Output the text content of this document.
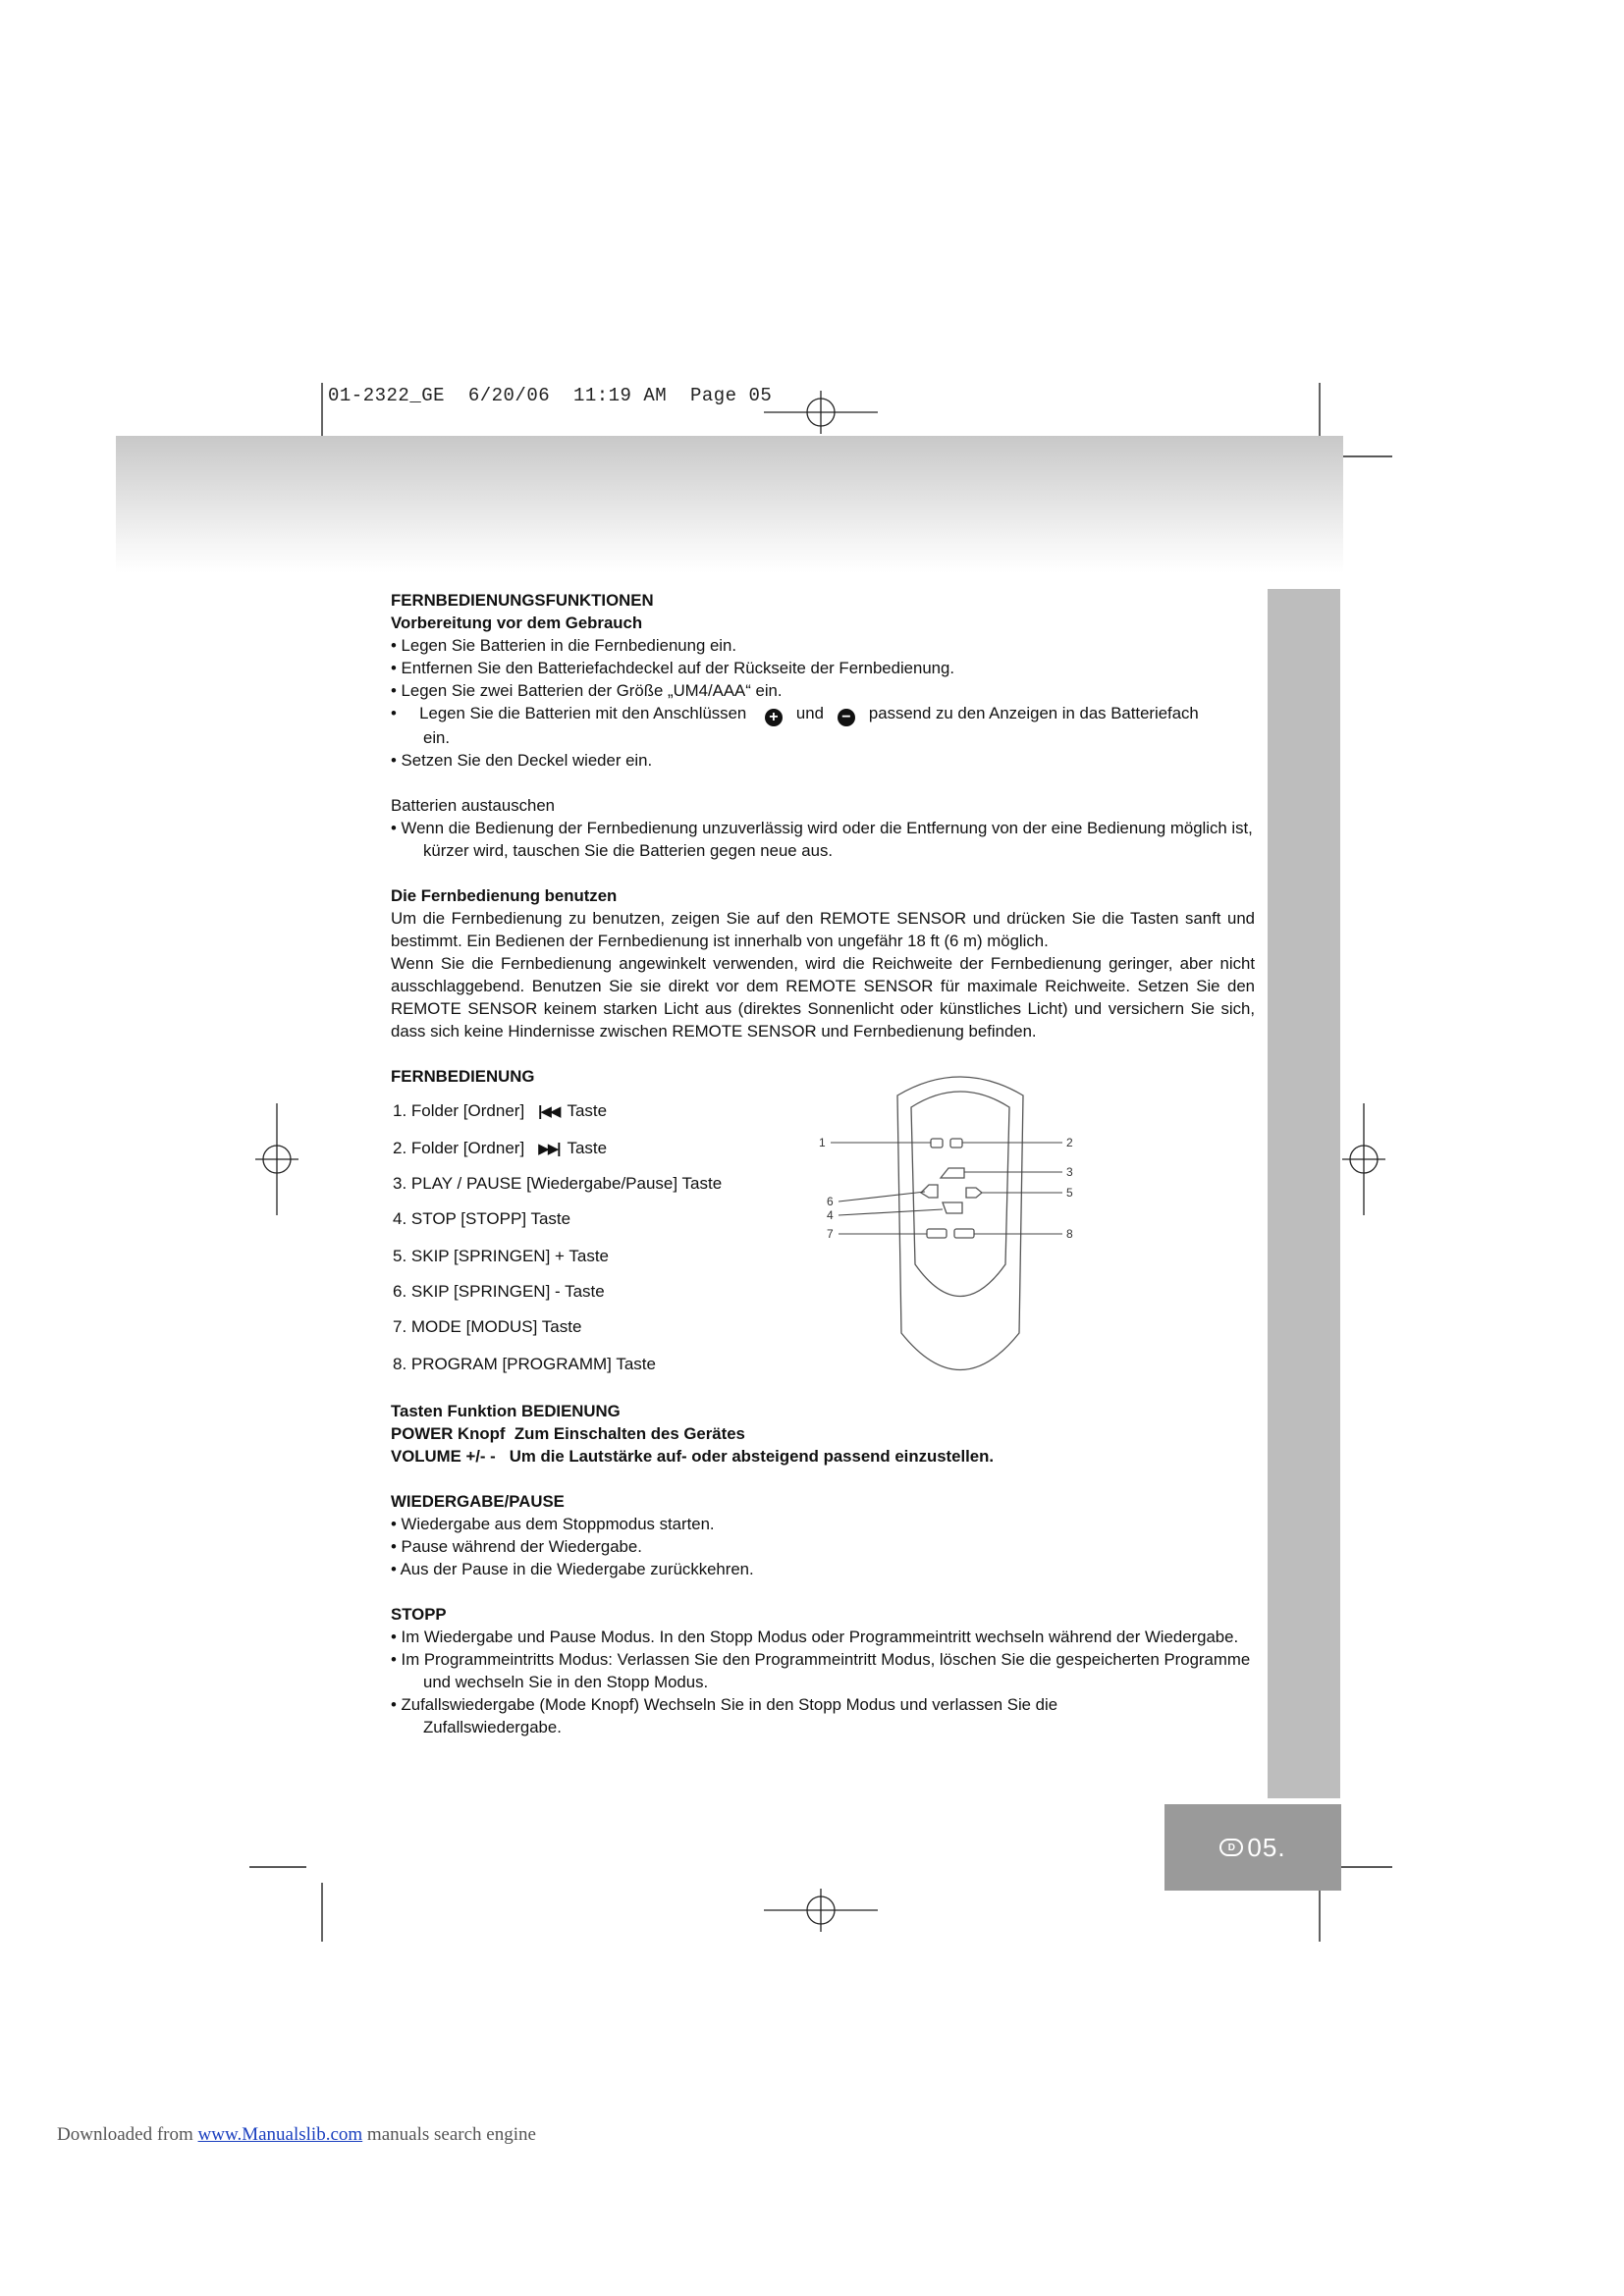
01-2322_GE  6/20/06  11:19 AM  Page 05
D 05.

FERNBEDIENUNGSFUNKTIONEN

Vorbereitung vor dem Gebrauch

• Legen Sie Batterien in die Fernbedienung ein.

• Entfernen Sie den Batteriefachdeckel auf der Rückseite der Fernbedienung.

• Legen Sie zwei Batterien der Größe „UM4/AAA“ ein.

•     Legen Sie die Batterien mit den Anschlüssen + und − passend zu den Anzeigen in das Batteriefach

ein.

• Setzen Sie den Deckel wieder ein.

Batterien austauschen

• Wenn die Bedienung der Fernbedienung unzuverlässig wird oder die Entfernung von der eine Bedienung möglich ist, kürzer wird, tauschen Sie die Batterien gegen neue aus.

Die Fernbedienung benutzen

Um die Fernbedienung zu benutzen, zeigen Sie auf den REMOTE SENSOR und drücken Sie die Tasten sanft und bestimmt. Ein Bedienen der Fernbedienung ist innerhalb von ungefähr 18 ft (6 m) möglich.

Wenn Sie die Fernbedienung angewinkelt verwenden, wird die Reichweite der Fernbedienung geringer, aber nicht ausschlaggebend. Benutzen Sie sie direkt vor dem REMOTE SENSOR für maximale Reichweite. Setzen Sie den REMOTE SENSOR keinem starken Licht aus (direktes Sonnenlicht oder künstliches Licht) und versichern Sie sich, dass sich keine Hindernisse zwischen REMOTE SENSOR und Fernbedienung befinden.

FERNBEDIENUNG

1. Folder [Ordner] |◀◀ Taste
2. Folder [Ordner] ▶▶| Taste
3. PLAY / PAUSE [Wiedergabe/Pause] Taste
4. STOP [STOPP] Taste
5. SKIP [SPRINGEN] + Taste
6. SKIP [SPRINGEN] - Taste
7. MODE [MODUS] Taste
8. PROGRAM [PROGRAMM] Taste

Tasten Funktion BEDIENUNG

POWER Knopf  Zum Einschalten des Gerätes

VOLUME +/- -   Um die Lautstärke auf- oder absteigend passend einzustellen.

WIEDERGABE/PAUSE

• Wiedergabe aus dem Stoppmodus starten.

• Pause während der Wiedergabe.

• Aus der Pause in die Wiedergabe zurückkehren.

STOPP

• Im Wiedergabe und Pause Modus. In den Stopp Modus oder Programmeintritt wechseln während der Wiedergabe.

• Im Programmeintritts Modus: Verlassen Sie den Programmeintritt Modus, löschen Sie die gespeicherten Programme und wechseln Sie in den Stopp Modus.

• Zufallswiedergabe (Mode Knopf) Wechseln Sie in den Stopp Modus und verlassen Sie die Zufallswiedergabe.

1	2
3
6
5
4
7	8
Downloaded from www.Manualslib.com manuals search engine
